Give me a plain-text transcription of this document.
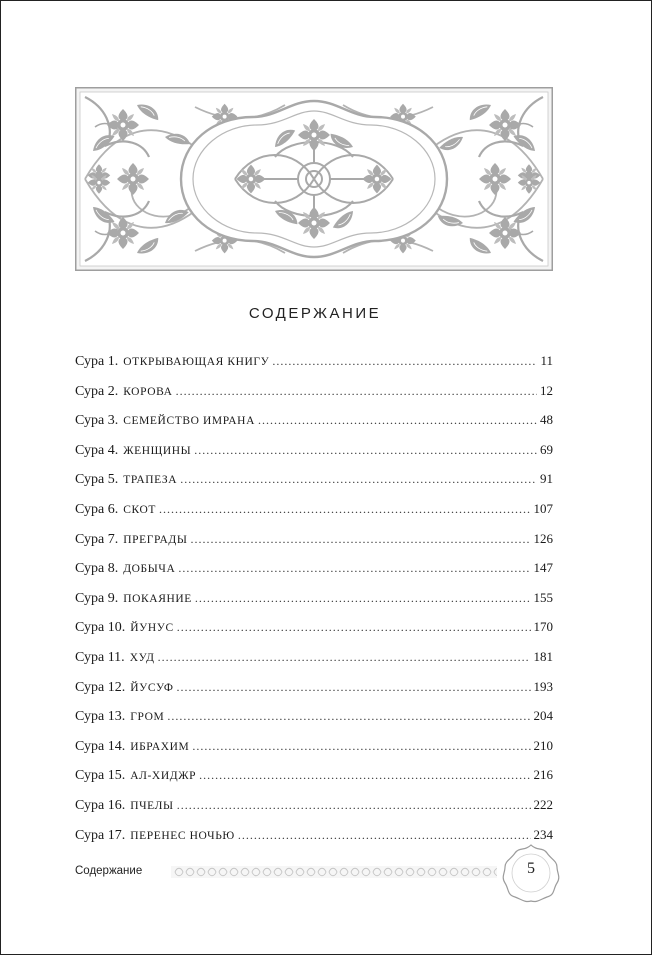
СОДЕРЖАНИЕ
Сура 1. ОТКРЫВАЮЩАЯ КНИГУ . . .	11
Сура 2. КОРОВА . . .	12
Сура 3. СЕМЕЙСТВО ИМРАНА . . .	48
Сура 4. ЖЕНЩИНЫ . . .	69
Сура 5. ТРАПЕЗА . . .	91
Сура 6. СКОТ . . .	107
Сура 7. ПРЕГРАДЫ . . .	126
Сура 8. ДОБЫЧА . . .	147
Сура 9. ПОКАЯНИЕ . . .	155
Сура 10. ЙУНУС . . .	170
Сура 11. ХУД . . .	181
Сура 12. ЙУСУФ . . .	193
Сура 13. ГРОМ . . .	204
Сура 14. ИБРАХИМ . . .	210
Сура 15. АЛ-ХИДЖР . . .	216
Сура 16. ПЧЕЛЫ . . .	222
Сура 17. ПЕРЕНЕС НОЧЬЮ . . .	234
Содержание	5
